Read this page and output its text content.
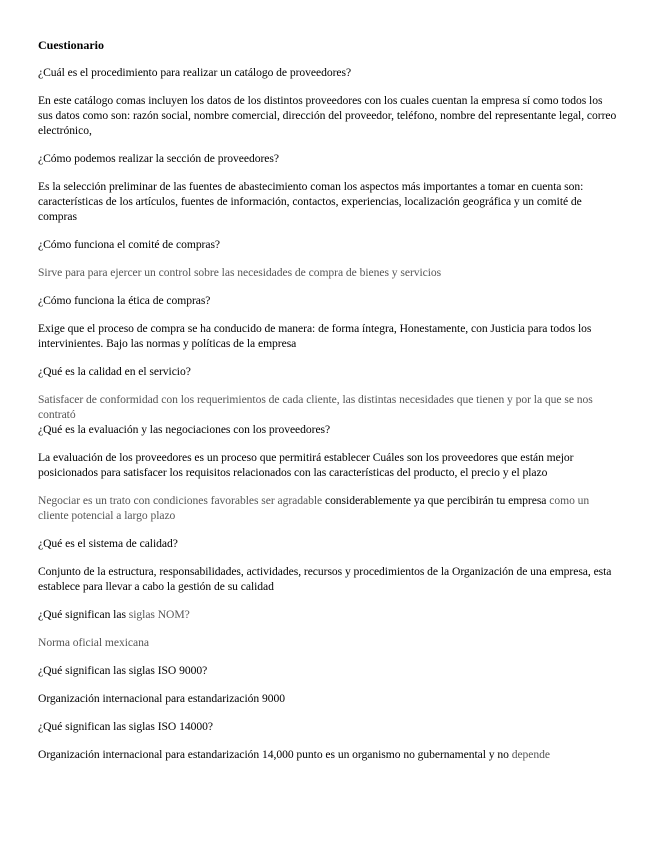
Cuestionario

¿Cuál es el procedimiento para realizar un catálogo de proveedores?

En este catálogo comas incluyen los datos de los distintos proveedores con los cuales cuentan la empresa sí como todos los sus datos como son: razón social, nombre comercial, dirección del proveedor, teléfono, nombre del representante legal, correo electrónico,

¿Cómo podemos realizar la sección de proveedores?

Es la selección preliminar de las fuentes de abastecimiento coman los aspectos más importantes a tomar en cuenta son: características de los artículos, fuentes de información, contactos, experiencias, localización geográfica y un comité de compras

¿Cómo funciona el comité de compras?

Sirve para para ejercer un control sobre las necesidades de compra de bienes y servicios

¿Cómo funciona la ética de compras?

Exige que el proceso de compra se ha conducido de manera: de forma íntegra, Honestamente, con Justicia para todos los intervinientes. Bajo las normas y políticas de la empresa

¿Qué es la calidad en el servicio?

Satisfacer de conformidad con los requerimientos de cada cliente, las distintas necesidades que tienen y por la que se nos contrató

¿Qué es la evaluación y las negociaciones con los proveedores?

La evaluación de los proveedores es un proceso que permitirá establecer Cuáles son los proveedores que están mejor posicionados para satisfacer los requisitos relacionados con las características del producto, el precio y el plazo

Negociar es un trato con condiciones favorables ser agradable considerablemente ya que percibirán tu empresa como un cliente potencial a largo plazo

¿Qué es el sistema de calidad?

Conjunto de la estructura, responsabilidades, actividades, recursos y procedimientos de la Organización de una empresa, esta establece para llevar a cabo la gestión de su calidad

¿Qué significan las siglas NOM?

Norma oficial mexicana

¿Qué significan las siglas ISO 9000?

Organización internacional para estandarización 9000

¿Qué significan las siglas ISO 14000?

Organización internacional para estandarización 14,000 punto es un organismo no gubernamental y no depende
